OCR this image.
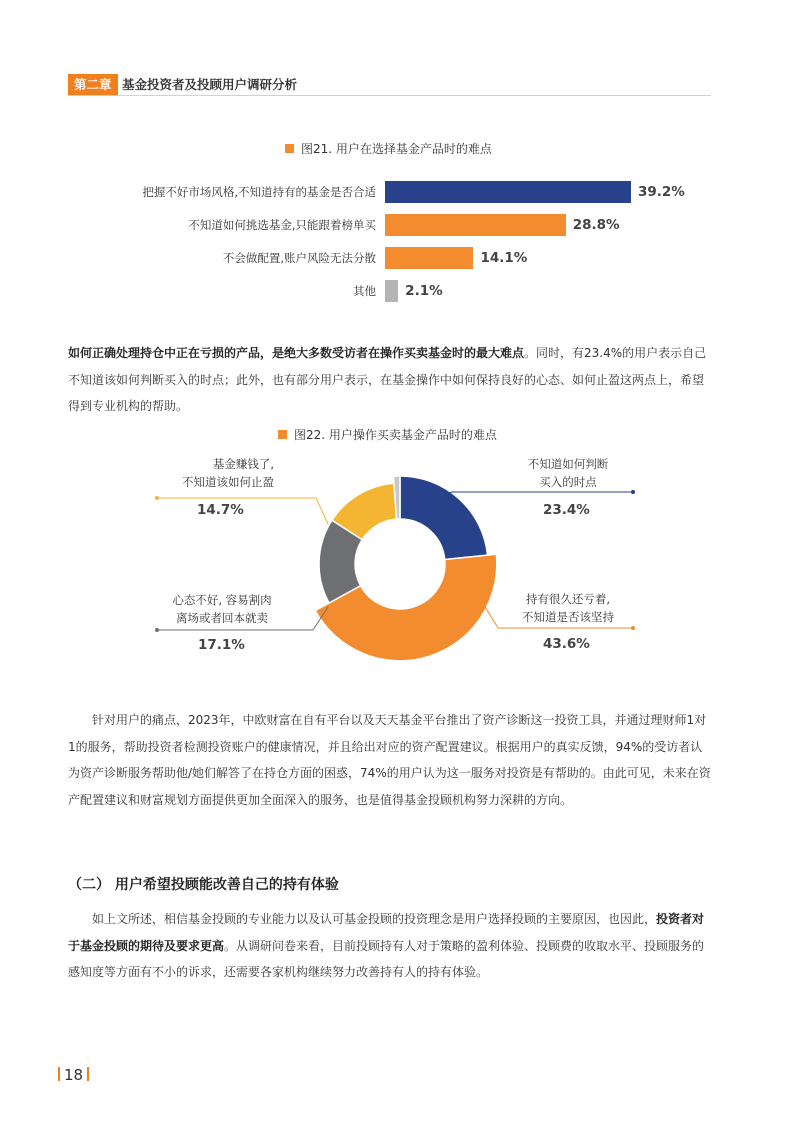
第二章 基金投资者及投顾用户调研分析
图21. 用户在选择基金产品时的难点
把握不好市场风格,不知道持有的基金是否合适	39.2%
不知道如何挑选基金,只能跟着榜单买	28.8%
不会做配置,账户风险无法分散	14.1%
其他 2.1%
如何正确处理持仓中正在亏损的产品，是绝大多数受访者在操作买卖基金时的最大难点。同时，有23.4%的用户表示自己不知道该如何判断买入的时点；此外，也有部分用户表示，在基金操作中如何保持良好的心态、如何止盈这两点上，希望得到专业机构的帮助。
图22. 用户操作买卖基金产品时的难点
基金赚钱了,
不知道该如何止盈
14.7%
不知道如何判断
买入的时点
23.4%
心态不好, 容易割肉
离场或者回本就卖
17.1%
持有很久还亏着,
不知道是否该坚持
43.6%
针对用户的痛点，2023年，中欧财富在自有平台以及天天基金平台推出了资产诊断这一投资工具，并通过理财师1对1的服务，帮助投资者检测投资账户的健康情况，并且给出对应的资产配置建议。根据用户的真实反馈，94%的受访者认为资产诊断服务帮助他/她们解答了在持仓方面的困惑，74%的用户认为这一服务对投资是有帮助的。由此可见，未来在资产配置建议和财富规划方面提供更加全面深入的服务，也是值得基金投顾机构努力深耕的方向。
（二） 用户希望投顾能改善自己的持有体验
如上文所述，相信基金投顾的专业能力以及认可基金投顾的投资理念是用户选择投顾的主要原因，也因此，投资者对于基金投顾的期待及要求更高。从调研问卷来看，目前投顾持有人对于策略的盈利体验、投顾费的收取水平、投顾服务的感知度等方面有不小的诉求，还需要各家机构继续努力改善持有人的持有体验。
18
